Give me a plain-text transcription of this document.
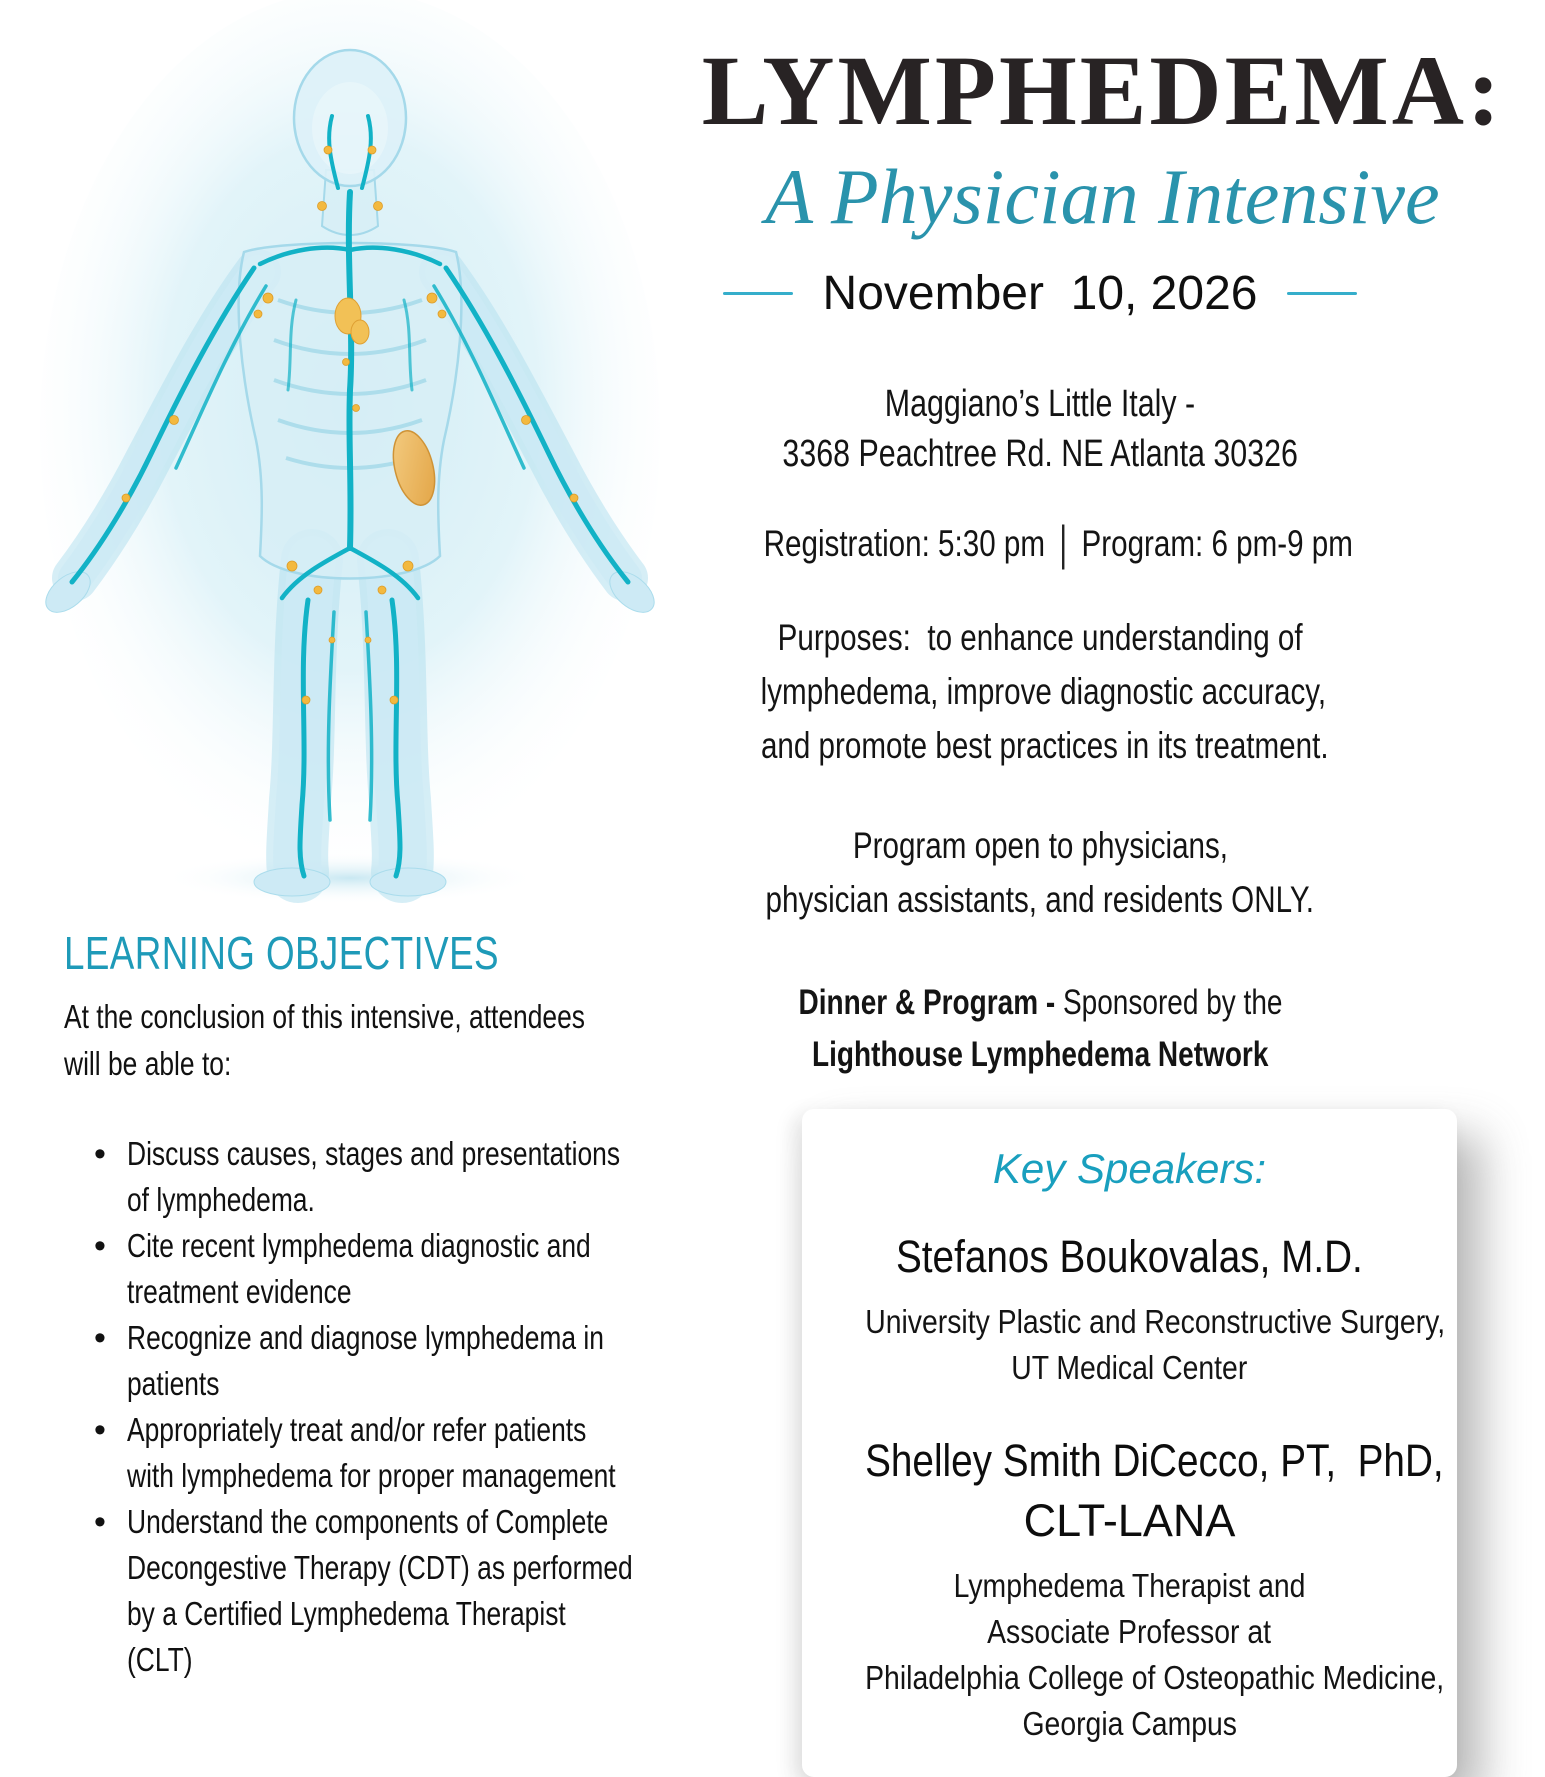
LEARNING OBJECTIVES
At the conclusion of this intensive, attendees
will be able to:
• Discuss causes, stages and presentations
of lymphedema.
• Cite recent lymphedema diagnostic and
treatment evidence
• Recognize and diagnose lymphedema in
patients
• Appropriately treat and/or refer patients
with lymphedema for proper management
• Understand the components of Complete
Decongestive Therapy (CDT) as performed
by a Certified Lymphedema Therapist
(CLT)
LYMPHEDEMA:
A Physician Intensive
November  10, 2026
Maggiano’s Little Italy -
3368 Peachtree Rd. NE Atlanta 30326
Registration: 5:30 pm | Program: 6 pm-9 pm
Purposes:  to enhance understanding of
lymphedema, improve diagnostic accuracy,
and promote best practices in its treatment.
Program open to physicians,
physician assistants, and residents ONLY.
Dinner & Program - Sponsored by the
Lighthouse Lymphedema Network
Key Speakers:
Stefanos Boukovalas, M.D.
University Plastic and Reconstructive Surgery,
UT Medical Center
Shelley Smith DiCecco, PT,  PhD,
CLT-LANA
Lymphedema Therapist and
Associate Professor at
Philadelphia College of Osteopathic Medicine,
Georgia Campus
